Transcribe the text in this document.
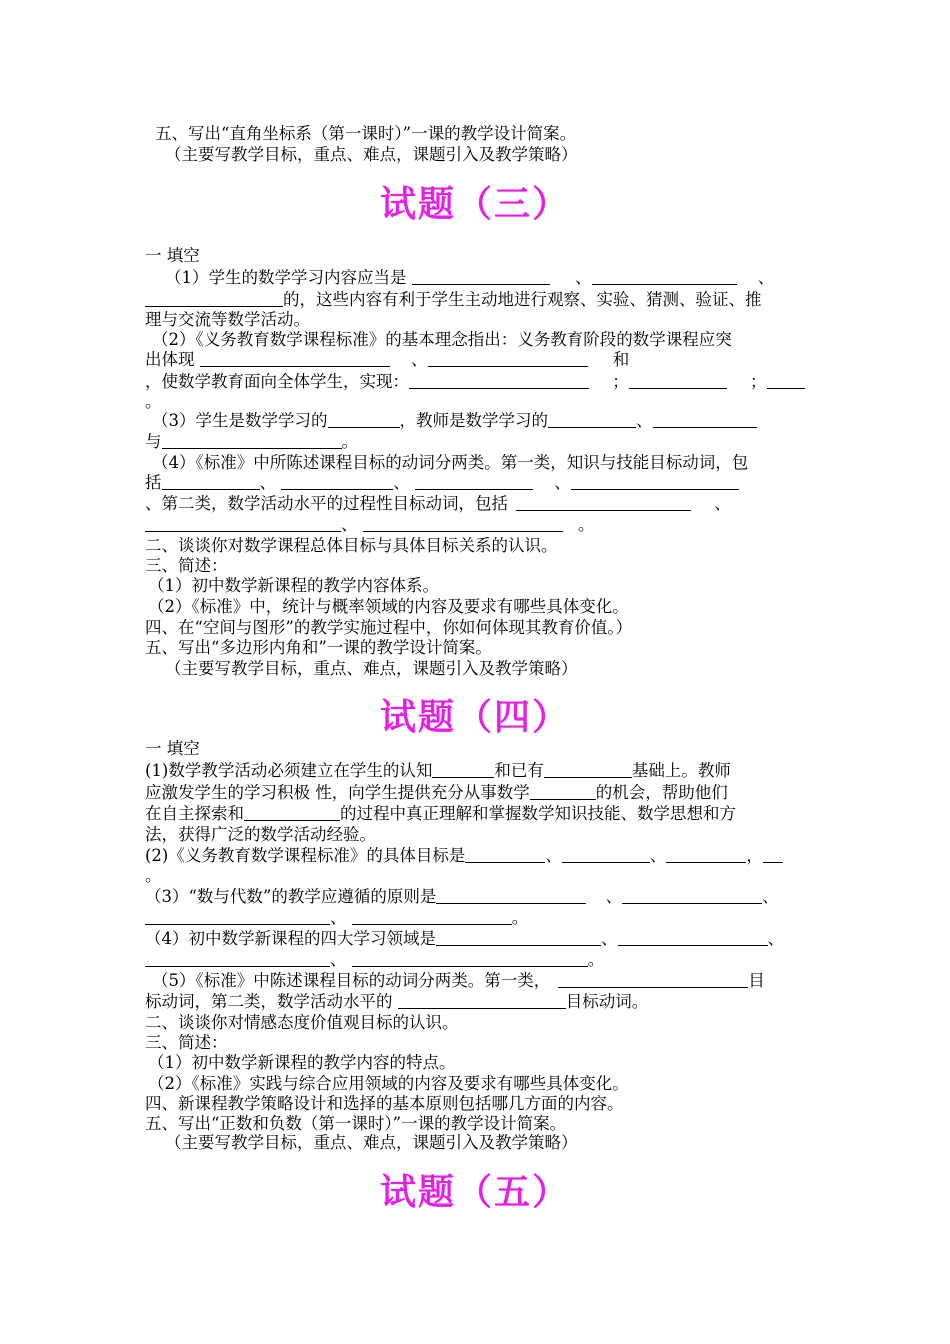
五、写出“直角坐标系（第一课时）”一课的教学设计简案。
（主要写教学目标，重点、难点，课题引入及教学策略）
试题（三）
一 填空
（1）学生的数学学习内容应当是	、	、
的，这些内容有利于学生主动地进行观察、实验、猜测、验证、推
理与交流等数学活动。
（2）《义务教育数学课程标准》的基本理念指出：义务教育阶段的数学课程应突
出体现	、	和
，使数学教育面向全体学生，实现：	；	；
。
（3）学生是数学学习的	，教师是数学学习的	、
与	。
（4）《标准》中所陈述课程目标的动词分两类。第一类，知识与技能目标动词，包
括	、	、	、
、第二类，数学活动水平的过程性目标动词，包括	、
、	。
二、谈谈你对数学课程总体目标与具体目标关系的认识。
三、简述：
（1）初中数学新课程的教学内容体系。
（2）《标准》中，统计与概率领域的内容及要求有哪些具体变化。
四、在“空间与图形”的教学实施过程中，你如何体现其教育价值。）
五、写出“多边形内角和”一课的教学设计简案。
（主要写教学目标，重点、难点，课题引入及教学策略）
试题（四）
一 填空
(1)数学教学活动必须建立在学生的认知	和已有	基础上。教师
应激发学生的学习积极 性，向学生提供充分从事数学	的机会，帮助他们
在自主探索和	的过程中真正理解和掌握数学知识技能、数学思想和方
法，获得广泛的数学活动经验。
(2)《义务教育数学课程标准》的具体目标是	、	、	，
。
（3）“数与代数”的教学应遵循的原则是	、	、
、	。
（4）初中数学新课程的四大学习领域是	、	、
、	。
（5）《标准》中陈述课程目标的动词分两类。第一类，	目
标动词，第二类，数学活动水平的	目标动词。
二、谈谈你对情感态度价值观目标的认识。
三、简述：
（1）初中数学新课程的教学内容的特点。
（2）《标准》实践与综合应用领域的内容及要求有哪些具体变化。
四、新课程教学策略设计和选择的基本原则包括哪几方面的内容。
五、写出“正数和负数（第一课时）”一课的教学设计简案。
（主要写教学目标，重点、难点，课题引入及教学策略）
试题（五）
